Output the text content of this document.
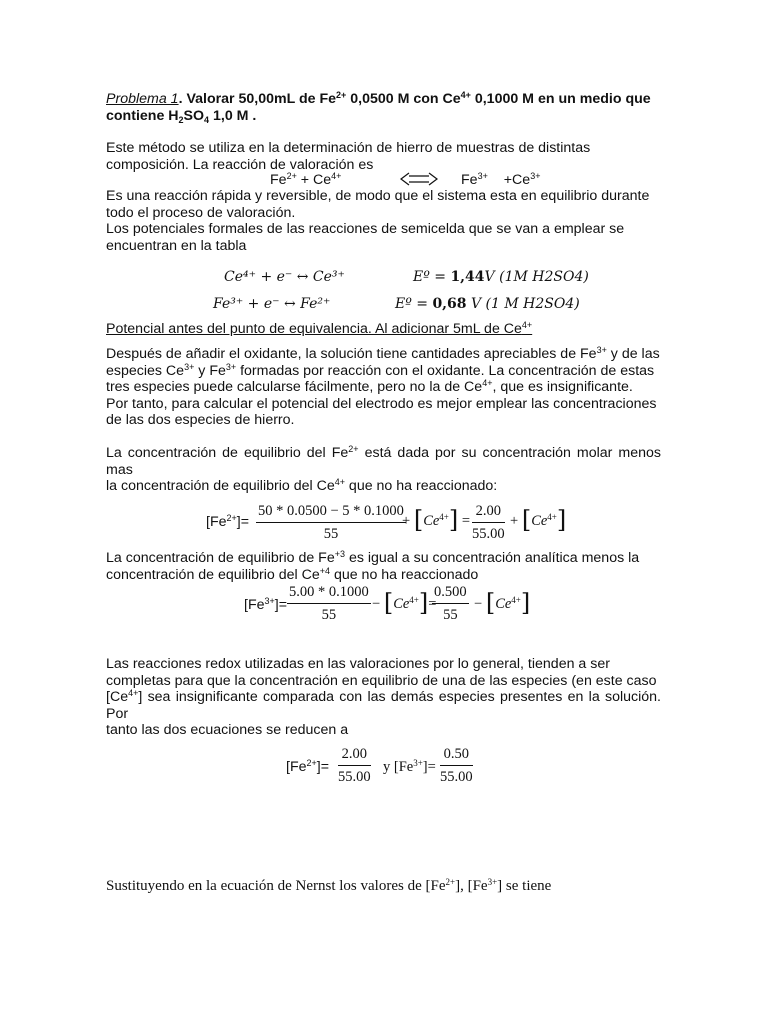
Problema 1. Valorar 50,00mL de $Fe^{2+}$ 0,0500 M con $Ce^{4+}$ 0,1000 M en un medio que
contiene $H_2SO_4$ 1,0 M .
Este método se utiliza en la determinación de hierro de muestras de distintas
composición. La reacción de valoración es
$Fe^{2+} + Ce^{4+}$	$Fe^{3+} +Ce^{3+}$
Es una reacción rápida y reversible, de modo que el sistema esta en equilibrio durante
todo el proceso de valoración.
Los potenciales formales de las reacciones de semicelda que se van a emplear se
encuentran en la tabla
Ce⁴⁺ + e⁻ ↔ Ce³⁺	Eº = 1,44V (1M H2SO4)
Fe³⁺ + e⁻ ↔ Fe²⁺	Eº = 0,68 V (1 M H2SO4)
Potencial antes del punto de equivalencia. Al adicionar 5mL de $Ce^{4+}$
Después de añadir el oxidante, la solución tiene cantidades apreciables de $Fe^{3+}$ y de las
especies $Ce^{3+}$ y $Fe^{3+}$ formadas por reacción con el oxidante. La concentración de estas
tres especies puede calcularse fácilmente, pero no la de $Ce^{4+}$, que es insignificante.
Por tanto, para calcular el potencial del electrodo es mejor emplear las concentraciones
de las dos especies de hierro.
La concentración de equilibrio del $Fe^{2+}$ está dada por su concentración molar menos mas
la concentración de equilibrio del $Ce^{4+}$ que no ha reaccionado:
$[Fe^{2+}]= \frac{50 * 0.0500 - 5 * 0.1000}{55}$
+ $[Ce^{4+}] = \frac{2.00}{55.00} + [Ce^{4+}]$
La concentración de equilibrio de $Fe^{+3}$ es igual a su concentración analítica menos la
concentración de equilibrio del $Ce^{+4}$ que no ha reaccionado
$[Fe^{3+}]= \frac{5.00 * 0.1000}{55} - [Ce^{4+}]=$
$\frac{0.500}{55} - [Ce^{4+}]$
Las reacciones redox utilizadas en las valoraciones por lo general, tienden a ser
completas para que la concentración en equilibrio de una de las especies (en este caso
$[Ce^{4+}]$ sea insignificante comparada con las demás especies presentes en la solución. Por
tanto las dos ecuaciones se reducen a
$[Fe^{2+}]= \frac{2.00}{55.00}$ y $[Fe^{3+}]= \frac{0.50}{55.00}$
Sustituyendo en la ecuación de Nernst los valores de $[Fe^{2+}]$, $[Fe^{3+}]$ se tiene
